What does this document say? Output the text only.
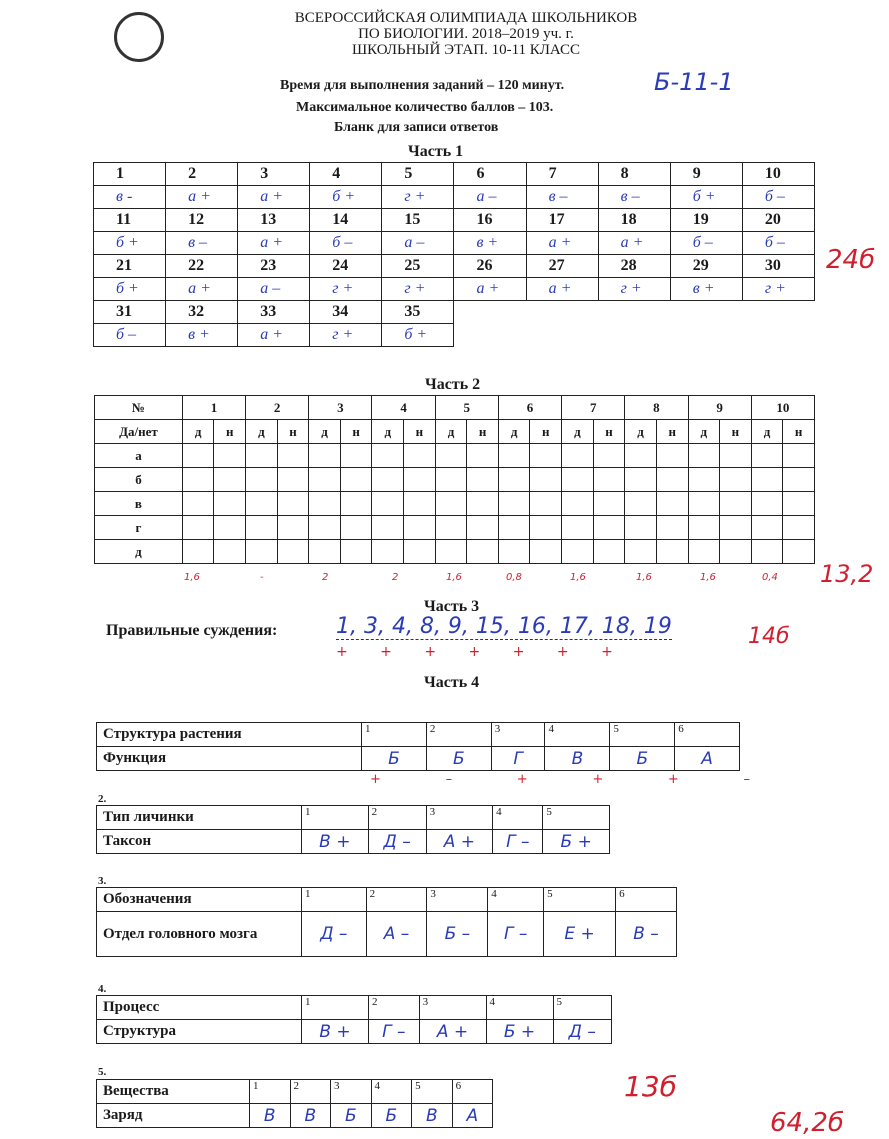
ВСЕРОССИЙСКАЯ ОЛИМПИАДА ШКОЛЬНИКОВ
ПО БИОЛОГИИ. 2018–2019 уч. г.
ШКОЛЬНЫЙ ЭТАП. 10-11 КЛАСС
Время для выполнения заданий – 120 минут.	Б-11-1
Максимальное количество баллов – 103.
Бланк для записи ответов
Часть 1
1	2	3	4	5	6	7	8	9	10
в -	а +	а +	б +	г +	а –	в –	в –	б +	б –
11	12	13	14	15	16	17	18	19	20
б +	в –	а +	б –	а –	в +	а +	а +	б –	б –
21	22	23	24	25	26	27	28	29	30
б +	а +	а –	г +	г +	а +	а +	г +	в +	г +
31	32	33	34	35					
б –	в +	а +	г +	б +					
24б
Часть 2
№	1		2		3		4		5		6		7		8		9		10	
Да/нет	д	н	д	н	д	н	д	н	д	н	д	н	д	н	д	н	д	н	д	н
а																				
б																				
в																				
г																				
д																				
1,6	-	2	2	1,6	0,8	1,6	1,6	1,6	0,4 13,2
Часть 3
Правильные суждения:	1, 3, 4, 8, 9, 15, 16, 17, 18, 19
+ + + + + + +
14б
Часть 4
Структура растения	1	2	3	4	5	6
Функция	Б	Б	Г	В	Б	А
+	–	+	+	+	–
2.
Тип личинки	1	2	3	4	5
Таксон	В +	Д –	А +	Г –	Б +
3.
Обозначения	1	2	3	4	5	6
Отдел головного мозга	Д –	А –	Б –	Г –	Е +	В –
4.
Процесс	1	2	3	4	5
Структура	В +	Г –	А +	Б +	Д –
5.
Вещества	1	2	3	4	5	6
Заряд	В	В	Б	Б	В	А
13б
64,2б
